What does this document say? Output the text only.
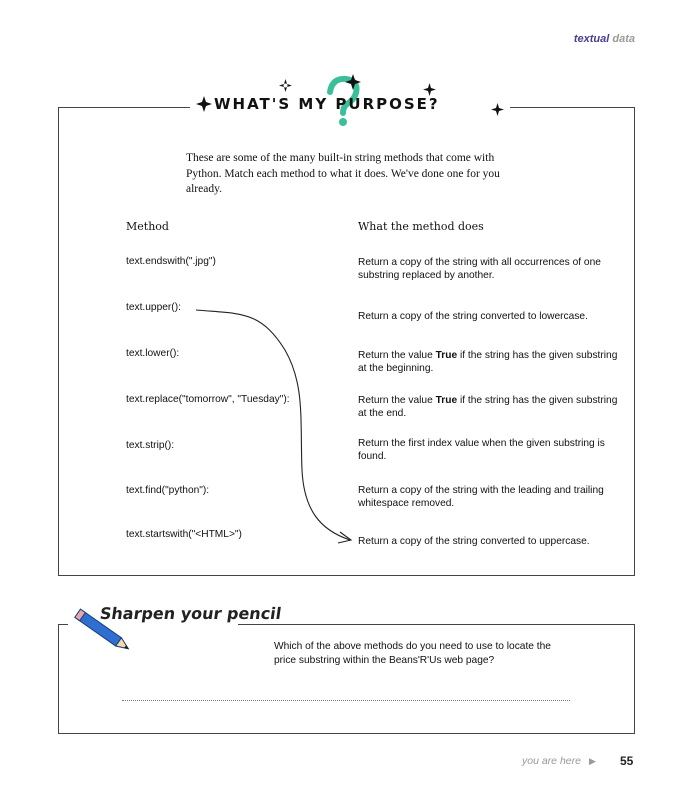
textual data
WHAT'S MY PURPOSE?
These are some of the many built-in string methods that come with Python. Match each method to what it does. We've done one for you already.
Method	What the method does
text.endswith(".jpg")
text.upper():
text.lower():
text.replace("tomorrow", "Tuesday"):
text.strip():
text.find("python"):
text.startswith("<HTML>")
Return a copy of the string with all occurrences of one substring replaced by another.
Return a copy of the string converted to lowercase.
Return the value True if the string has the given substring at the beginning.
Return the value True if the string has the given substring at the end.
Return the first index value when the given substring is found.
Return a copy of the string with the leading and trailing whitespace removed.
Return a copy of the string converted to uppercase.
Sharpen your pencil
Which of the above methods do you need to use to locate the price substring within the Beans'R'Us web page?
you are here ▶ 55
